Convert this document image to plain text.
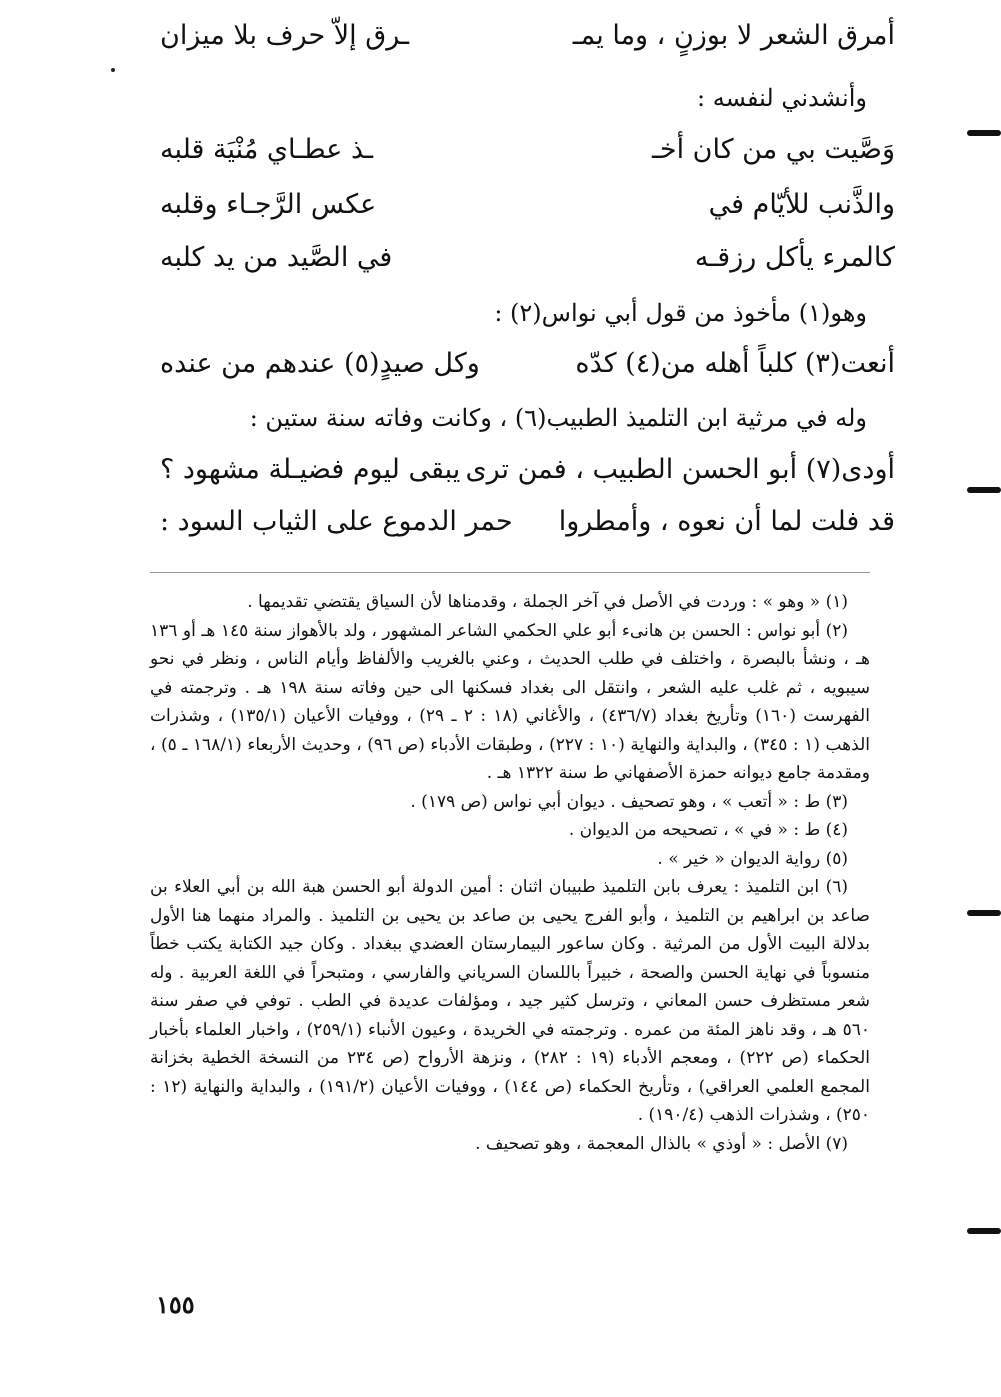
أمرق الشعر لا بوزنٍ ، وما يمـ
ـرق إلاّ حرف بلا ميزان
وأنشدني لنفسه :
وَصَّيت بي من كان أخـ
ـذ عطـاي مُنْيَة قلبه
والذَّنب للأيّام في
عكس الرَّجـاء وقلبه
كالمرء يأكل رزقـه
في الصَّيد من يد كلبه
وهو(١) مأخوذ من قول أبي نواس(٢) :
أنعت(٣) كلباً أهله من(٤) كدّه
وكل صيدٍ(٥) عندهم من عنده
وله في مرثية ابن التلميذ الطبيب(٦) ، وكانت وفاته سنة ستين :
أودى(٧) أبو الحسن الطبيب ، فمن ترى
يبقى ليوم فضيـلة مشهود ؟
قد فلت لما أن نعوه ، وأمطروا
حمر الدموع على الثياب السود :

(١) « وهو » : وردت في الأصل في آخر الجملة ، وقدمناها لأن السياق يقتضي تقديمها .

(٢) أبو نواس : الحسن بن هانىء أبو علي الحكمي الشاعر المشهور ، ولد بالأهواز سنة ١٤٥ هـ أو ١٣٦ هـ ، ونشأ بالبصرة ، واختلف في طلب الحديث ، وعني بالغريب والألفاظ وأيام الناس ، ونظر في نحو سيبويه ، ثم غلب عليه الشعر ، وانتقل الى بغداد فسكنها الى حين وفاته سنة ١٩٨ هـ . وترجمته في الفهرست (١٦٠) وتأريخ بغداد (٤٣٦/٧) ، والأغاني (١٨ : ٢ ـ ٢٩) ، ووفيات الأعيان (١٣٥/١) ، وشذرات الذهب (١ : ٣٤٥) ، والبداية والنهاية (١٠ : ٢٢٧) ، وطبقات الأدباء (ص ٩٦) ، وحديث الأربعاء (١٦٨/١ ـ ٥) ، ومقدمة جامع ديوانه حمزة الأصفهاني ط سنة ١٣٢٢ هـ .

(٣) ط : « أتعب » ، وهو تصحيف . ديوان أبي نواس (ص ١٧٩) .

(٤) ط : « في » ، تصحيحه من الديوان .

(٥) رواية الديوان « خير » .

(٦) ابن التلميذ : يعرف بابن التلميذ طبيبان اثنان : أمين الدولة أبو الحسن هبة الله بن أبي العلاء بن صاعد بن ابراهيم بن التلميذ ، وأبو الفرج يحيى بن صاعد بن يحيى بن التلميذ . والمراد منهما هنا الأول بدلالة البيت الأول من المرثية . وكان ساعور البيمارستان العضدي ببغداد . وكان جيد الكتابة يكتب خطاً منسوباً في نهاية الحسن والصحة ، خبيراً باللسان السرياني والفارسي ، ومتبحراً في اللغة العربية . وله شعر مستظرف حسن المعاني ، وترسل كثير جيد ، ومؤلفات عديدة في الطب . توفي في صفر سنة ٥٦٠ هـ ، وقد ناهز المئة من عمره . وترجمته في الخريدة ، وعيون الأنباء (٢٥٩/١) ، واخبار العلماء بأخبار الحكماء (ص ٢٢٢) ، ومعجم الأدباء (١٩ : ٢٨٢) ، ونزهة الأرواح (ص ٢٣٤ من النسخة الخطية بخزانة المجمع العلمي العراقي) ، وتأريخ الحكماء (ص ١٤٤) ، ووفيات الأعيان (١٩١/٢) ، والبداية والنهاية (١٢ : ٢٥٠) ، وشذرات الذهب (١٩٠/٤) .

(٧) الأصل : « أوذي » بالذال المعجمة ، وهو تصحيف .

١٥٥
